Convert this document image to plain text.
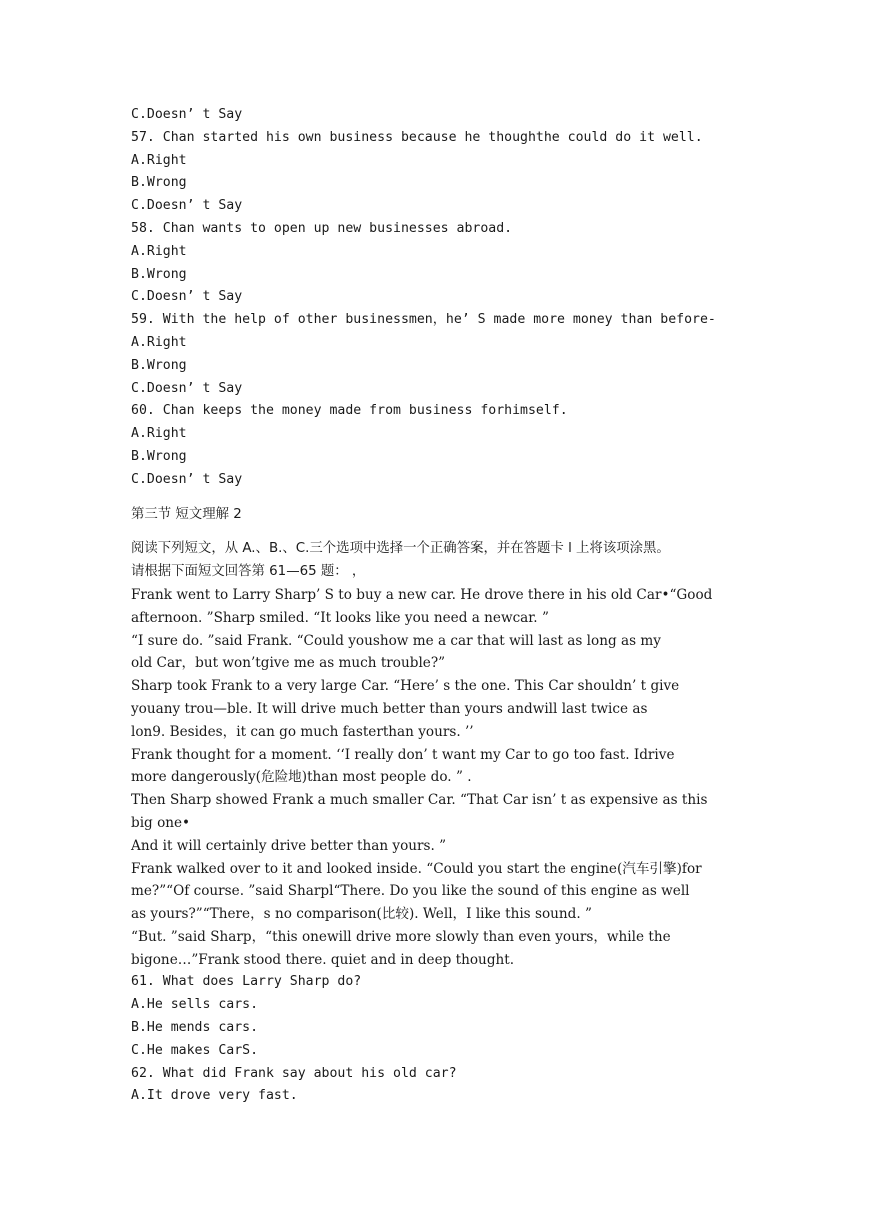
C.Doesn’ t Say
57. Chan started his own business because he thoughthe could do it well.
A.Right
B.Wrong
C.Doesn’ t Say
58. Chan wants to open up new businesses abroad.
A.Right
B.Wrong
C.Doesn’ t Say
59. With the help of other businessmen，he’ S made more money than before-
A.Right
B.Wrong
C.Doesn’ t Say
60. Chan keeps the money made from business forhimself.
A.Right
B.Wrong
C.Doesn’ t Say
第三节 短文理解 2
阅读下列短文，从 A.、B.、C.三个选项中选择一个正确答案，并在答题卡 l 上将该项涂黑。
请根据下面短文回答第 61—65 题： ，
Frank went to Larry Sharp’ S to buy a new car. He drove there in his old Car•“Good
afternoon. ”Sharp smiled. “It looks like you need a newcar. ”
“I sure do. ”said Frank. “Could youshow me a car that will last as long as my
old Car，but won’tgive me as much trouble?”
Sharp took Frank to a very large Car. “Here’ s the one. This Car shouldn’ t give
youany trou—ble. It will drive much better than yours andwill last twice as
lon9. Besides，it can go much fasterthan yours. ’’
Frank thought for a moment. ‘‘I really don’ t want my Car to go too fast. Idrive
more dangerously(危险地)than most people do. ” .
Then Sharp showed Frank a much smaller Car. “That Car isn’ t as expensive as this
big one•
And it will certainly drive better than yours. ”
Frank walked over to it and looked inside. “Could you start the engine(汽车引擎)for
me?”“Of course. ”said Sharpl“There. Do you like the sound of this engine as well
as yours?”“There，s no comparison(比较). Well，I like this sound. ”
“But. ”said Sharp，“this onewill drive more slowly than even yours，while the
bigone…”Frank stood there. quiet and in deep thought.
61. What does Larry Sharp do?
A.He sells cars.
B.He mends cars.
C.He makes CarS.
62. What did Frank say about his old car?
A.It drove very fast.
